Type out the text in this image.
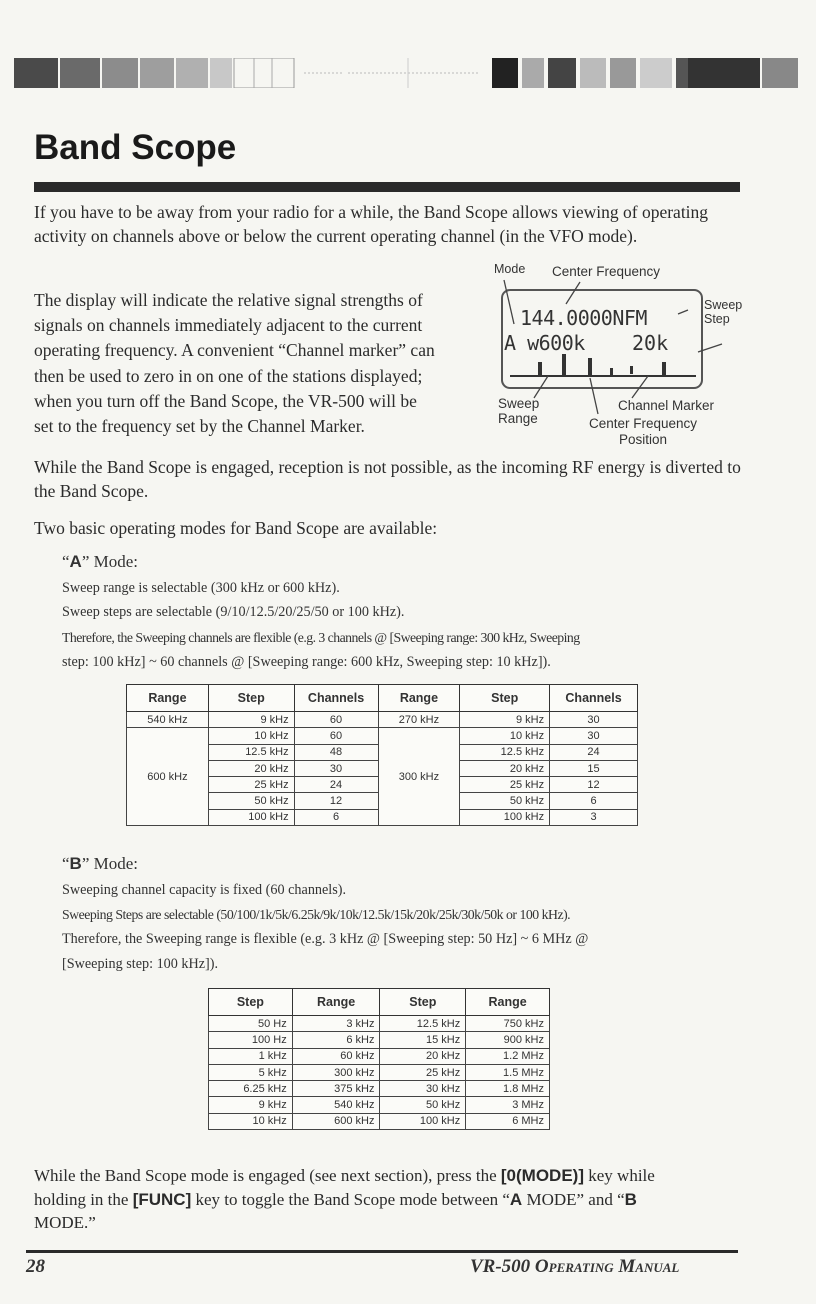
Band Scope
If you have to be away from your radio for a while, the Band Scope allows viewing of operating activity on channels above or below the current operating channel (in the VFO mode).
The display will indicate the relative signal strengths of
signals on channels immediately adjacent to the current
operating frequency. A convenient “Channel marker” can
then be used to zero in on one of the stations displayed;
when you turn off the Band Scope, the VR-500 will be
set to the frequency set by the Channel Marker.
Mode Center Frequency
Sweep
Step
144.0000NFM
A w600k 20k
Sweep
Range
Channel Marker
Center Frequency
Position
While the Band Scope is engaged, reception is not possible, as the incoming RF energy is diverted to the Band Scope.
Two basic operating modes for Band Scope are available:
“A” Mode:
Sweep range is selectable (300 kHz or 600 kHz).
Sweep steps are selectable (9/10/12.5/20/25/50 or 100 kHz).
Therefore, the Sweeping channels are flexible (e.g. 3 channels @ [Sweeping range: 300 kHz, Sweeping
step: 100 kHz] ~ 60 channels @ [Sweeping range: 600 kHz, Sweeping step: 10 kHz]).
Range	Step	Channels	Range	Step	Channels
540 kHz	9 kHz	60	270 kHz	9 kHz	30
600 kHz	10 kHz	60	300 kHz	10 kHz	30
	12.5 kHz	48		12.5 kHz	24
	20 kHz	30		20 kHz	15
	25 kHz	24		25 kHz	12
	50 kHz	12		50 kHz	6
	100 kHz	6		100 kHz	3
“B” Mode:
Sweeping channel capacity is fixed (60 channels).
Sweeping Steps are selectable (50/100/1k/5k/6.25k/9k/10k/12.5k/15k/20k/25k/30k/50k or 100 kHz).
Therefore, the Sweeping range is flexible (e.g. 3 kHz @ [Sweeping step: 50 Hz] ~ 6 MHz @
[Sweeping step: 100 kHz]).
Step	Range	Step	Range
50 Hz	3 kHz	12.5 kHz	750 kHz
100 Hz	6 kHz	15 kHz	900 kHz
1 kHz	60 kHz	20 kHz	1.2 MHz
5 kHz	300 kHz	25 kHz	1.5 MHz
6.25 kHz	375 kHz	30 kHz	1.8 MHz
9 kHz	540 kHz	50 kHz	3 MHz
10 kHz	600 kHz	100 kHz	6 MHz
While the Band Scope mode is engaged (see next section), press the [0(MODE)] key while
holding in the [FUNC] key to toggle the Band Scope mode between “A MODE” and “B
MODE.”
28	VR-500 Operating Manual
